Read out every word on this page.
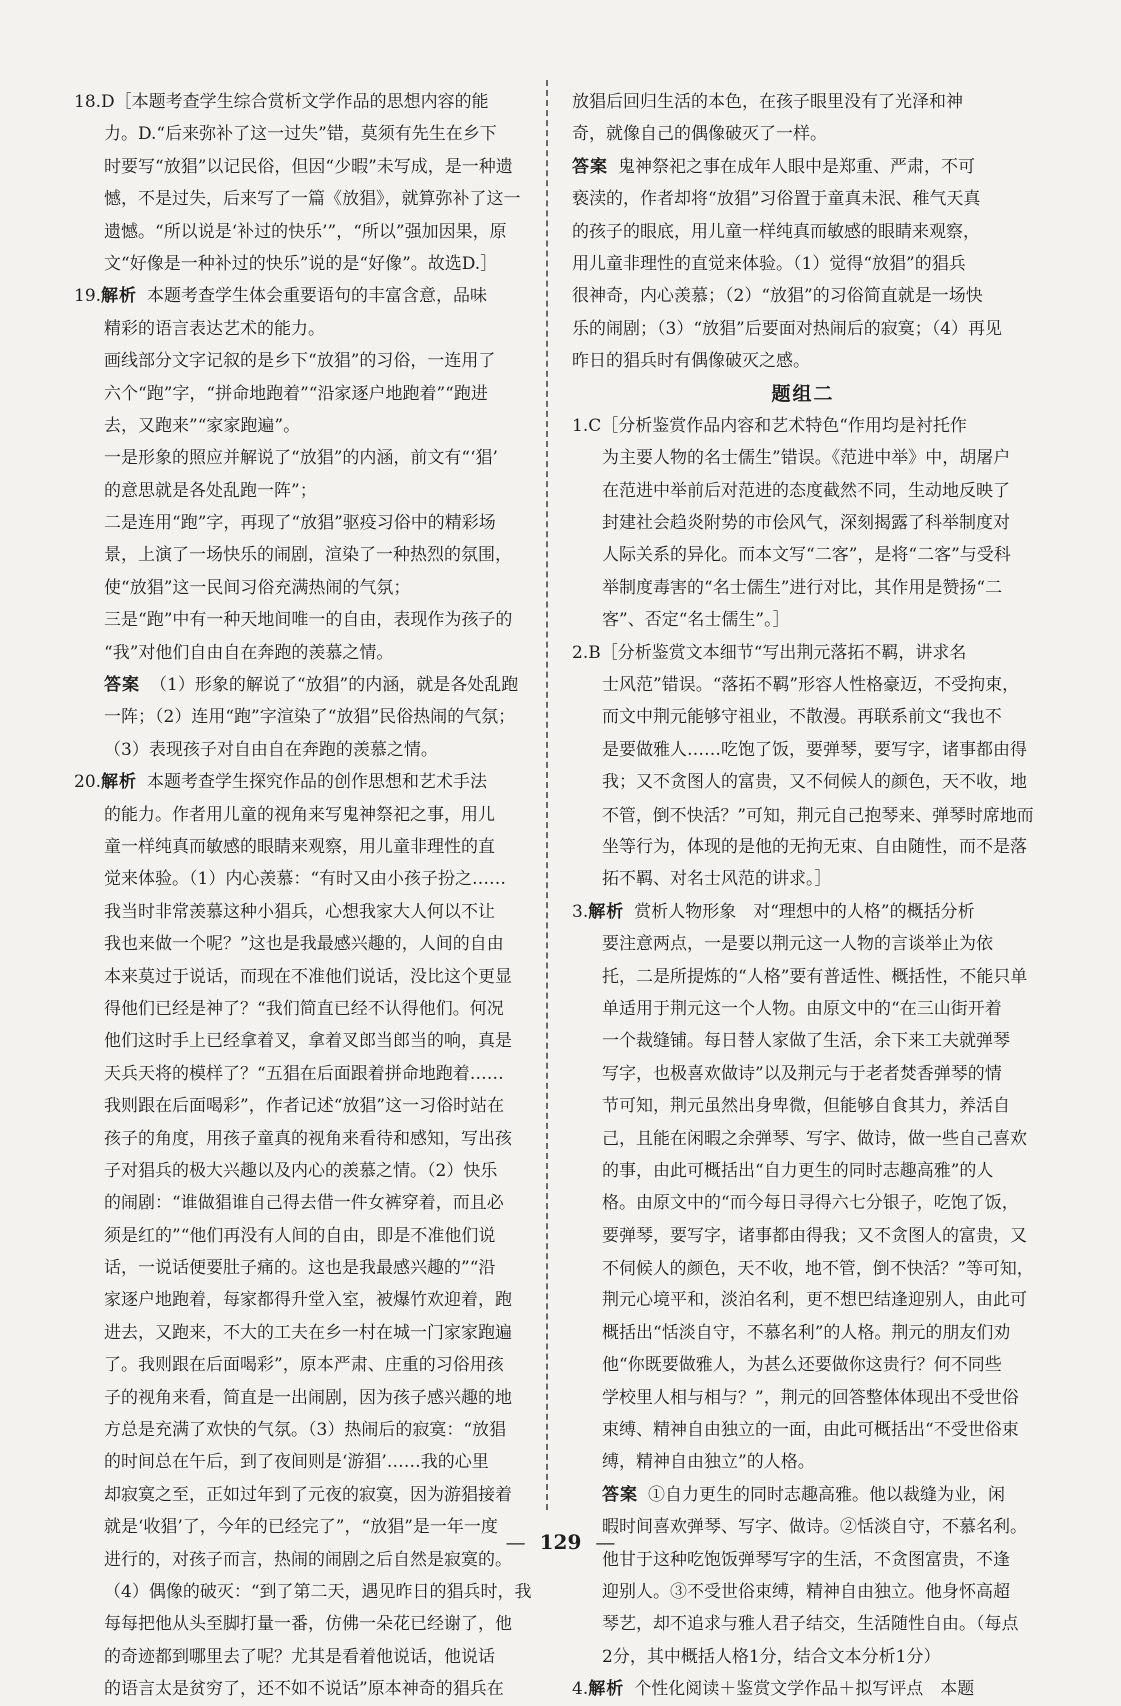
18.D［本题考查学生综合赏析文学作品的思想内容的能
力。D.“后来弥补了这一过失”错，莫须有先生在乡下
时要写“放猖”以记民俗，但因“少暇”未写成，是一种遗
憾，不是过失，后来写了一篇《放猖》，就算弥补了这一
遗憾。“所以说是‘补过的快乐’”，“所以”强加因果，原
文“好像是一种补过的快乐”说的是“好像”。故选D.］
19.解析 本题考查学生体会重要语句的丰富含意，品味
精彩的语言表达艺术的能力。
画线部分文字记叙的是乡下“放猖”的习俗，一连用了
六个“跑”字，“拼命地跑着”“沿家逐户地跑着”“跑进
去，又跑来”“家家跑遍”。
一是形象的照应并解说了“放猖”的内涵，前文有“‘猖’
的意思就是各处乱跑一阵”；
二是连用“跑”字，再现了“放猖”驱疫习俗中的精彩场
景，上演了一场快乐的闹剧，渲染了一种热烈的氛围，
使“放猖”这一民间习俗充满热闹的气氛；
三是“跑”中有一种天地间唯一的自由，表现作为孩子的
“我”对他们自由自在奔跑的羡慕之情。
答案 （1）形象的解说了“放猖”的内涵，就是各处乱跑
一阵；（2）连用“跑”字渲染了“放猖”民俗热闹的气氛；
（3）表现孩子对自由自在奔跑的羡慕之情。
20.解析 本题考查学生探究作品的创作思想和艺术手法
的能力。作者用儿童的视角来写鬼神祭祀之事，用儿
童一样纯真而敏感的眼睛来观察，用儿童非理性的直
觉来体验。（1）内心羡慕：“有时又由小孩子扮之……
我当时非常羡慕这种小猖兵，心想我家大人何以不让
我也来做一个呢？”这也是我最感兴趣的，人间的自由
本来莫过于说话，而现在不准他们说话，没比这个更显
得他们已经是神了？“我们简直已经不认得他们。何况
他们这时手上已经拿着叉，拿着叉郎当郎当的响，真是
天兵天将的模样了？“五猖在后面跟着拼命地跑着……
我则跟在后面喝彩”，作者记述“放猖”这一习俗时站在
孩子的角度，用孩子童真的视角来看待和感知，写出孩
子对猖兵的极大兴趣以及内心的羡慕之情。（2）快乐
的闹剧：“谁做猖谁自己得去借一件女裤穿着，而且必
须是红的”“他们再没有人间的自由，即是不准他们说
话，一说话便要肚子痛的。这也是我最感兴趣的”“沿
家逐户地跑着，每家都得升堂入室，被爆竹欢迎着，跑
进去，又跑来，不大的工夫在乡一村在城一门家家跑遍
了。我则跟在后面喝彩”，原本严肃、庄重的习俗用孩
子的视角来看，简直是一出闹剧，因为孩子感兴趣的地
方总是充满了欢快的气氛。（3）热闹后的寂寞：“放猖
的时间总在午后，到了夜间则是‘游猖’……我的心里
却寂寞之至，正如过年到了元夜的寂寞，因为游猖接着
就是‘收猖’了，今年的已经完了”，“放猖”是一年一度
进行的，对孩子而言，热闹的闹剧之后自然是寂寞的。
（4）偶像的破灭：“到了第二天，遇见昨日的猖兵时，我
每每把他从头至脚打量一番，仿佛一朵花已经谢了，他
的奇迹都到哪里去了呢？尤其是看着他说话，他说话
的语言太是贫穷了，还不如不说话”原本神奇的猖兵在
放猖后回归生活的本色，在孩子眼里没有了光泽和神
奇，就像自己的偶像破灭了一样。
答案 鬼神祭祀之事在成年人眼中是郑重、严肃，不可
亵渎的，作者却将“放猖”习俗置于童真未泯、稚气天真
的孩子的眼底，用儿童一样纯真而敏感的眼睛来观察，
用儿童非理性的直觉来体验。（1）觉得“放猖”的猖兵
很神奇，内心羡慕；（2）“放猖”的习俗简直就是一场快
乐的闹剧；（3）“放猖”后要面对热闹后的寂寞；（4）再见
昨日的猖兵时有偶像破灭之感。
题组二
1.C［分析鉴赏作品内容和艺术特色“作用均是衬托作
为主要人物的名士儒生”错误。《范进中举》中，胡屠户
在范进中举前后对范进的态度截然不同，生动地反映了
封建社会趋炎附势的市侩风气，深刻揭露了科举制度对
人际关系的异化。而本文写“二客”，是将“二客”与受科
举制度毒害的“名士儒生”进行对比，其作用是赞扬“二
客”、否定“名士儒生”。］
2.B［分析鉴赏文本细节“写出荆元落拓不羁，讲求名
士风范”错误。“落拓不羁”形容人性格豪迈，不受拘束，
而文中荆元能够守祖业，不散漫。再联系前文“我也不
是要做雅人……吃饱了饭，要弹琴，要写字，诸事都由得
我；又不贪图人的富贵，又不伺候人的颜色，天不收，地
不管，倒不快活？”可知，荆元自己抱琴来、弹琴时席地而
坐等行为，体现的是他的无拘无束、自由随性，而不是落
拓不羁、对名士风范的讲求。］
3.解析 赏析人物形象　对“理想中的人格”的概括分析
要注意两点，一是要以荆元这一人物的言谈举止为依
托，二是所提炼的“人格”要有普适性、概括性，不能只单
单适用于荆元这一个人物。由原文中的“在三山街开着
一个裁缝铺。每日替人家做了生活，余下来工夫就弹琴
写字，也极喜欢做诗”以及荆元与于老者焚香弹琴的情
节可知，荆元虽然出身卑微，但能够自食其力，养活自
己，且能在闲暇之余弹琴、写字、做诗，做一些自己喜欢
的事，由此可概括出“自力更生的同时志趣高雅”的人
格。由原文中的“而今每日寻得六七分银子，吃饱了饭，
要弹琴，要写字，诸事都由得我；又不贪图人的富贵，又
不伺候人的颜色，天不收，地不管，倒不快活？”等可知，
荆元心境平和，淡泊名利，更不想巴结逢迎别人，由此可
概括出“恬淡自守，不慕名利”的人格。荆元的朋友们劝
他“你既要做雅人，为甚么还要做你这贵行？何不同些
学校里人相与相与？”，荆元的回答整体体现出不受世俗
束缚、精神自由独立的一面，由此可概括出“不受世俗束
缚，精神自由独立”的人格。
答案 ①自力更生的同时志趣高雅。他以裁缝为业，闲
暇时间喜欢弹琴、写字、做诗。②恬淡自守，不慕名利。
他甘于这种吃饱饭弹琴写字的生活，不贪图富贵，不逢
迎别人。③不受世俗束缚，精神自由独立。他身怀高超
琴艺，却不追求与雅人君子结交，生活随性自由。（每点
2分，其中概括人格1分，结合文本分析1分）
4.解析 个性化阅读＋鉴赏文学作品＋拟写评点　本题
— 129 —
